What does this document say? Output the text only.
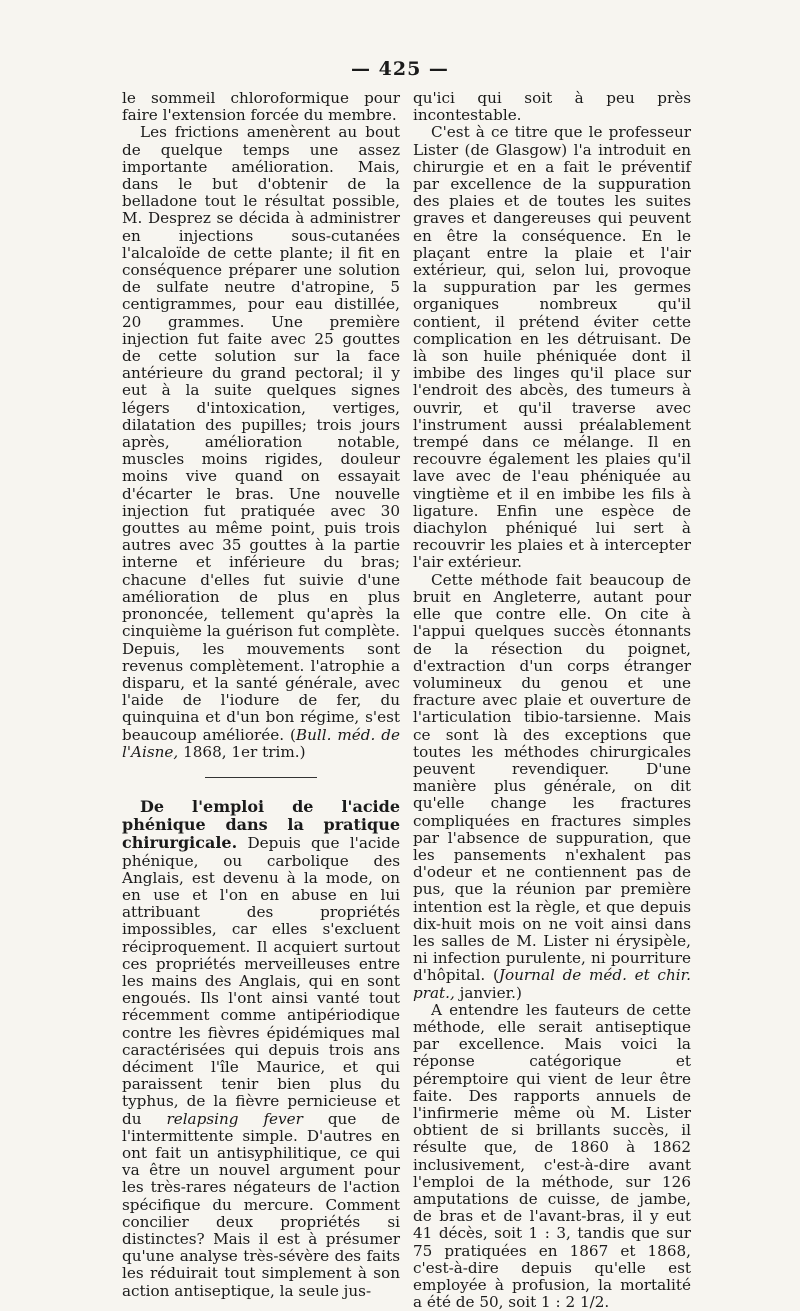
— 425 —

le sommeil chloroformique pour faire l'extension forcée du membre.

Les frictions amenèrent au bout de quelque temps une assez importante amélioration. Mais, dans le but d'obtenir de la belladone tout le résultat possible, M. Desprez se décida à administrer en injections sous-cutanées l'alcaloïde de cette plante; il fit en conséquence préparer une solution de sulfate neutre d'atropine, 5 centigrammes, pour eau distillée, 20 grammes. Une première injection fut faite avec 25 gouttes de cette solution sur la face antérieure du grand pectoral; il y eut à la suite quelques signes légers d'intoxication, vertiges, dilatation des pupilles; trois jours après, amélioration notable, muscles moins rigides, douleur moins vive quand on essayait d'écarter le bras. Une nouvelle injection fut pratiquée avec 30 gouttes au même point, puis trois autres avec 35 gouttes à la partie interne et inférieure du bras; chacune d'elles fut suivie d'une amélioration de plus en plus prononcée, tellement qu'après la cinquième la guérison fut complète. Depuis, les mouvements sont revenus complètement. l'atrophie a disparu, et la santé générale, avec l'aide de l'iodure de fer, du quinquina et d'un bon régime, s'est beaucoup améliorée. (Bull. méd. de l'Aisne, 1868, 1er trim.)

De l'emploi de l'acide phénique dans la pratique chirurgicale. Depuis que l'acide phénique, ou carbolique des Anglais, est devenu à la mode, on en use et l'on en abuse en lui attribuant des propriétés impossibles, car elles s'excluent réciproquement. Il acquiert surtout ces propriétés merveilleuses entre les mains des Anglais, qui en sont engoués. Ils l'ont ainsi vanté tout récemment comme antipériodique contre les fièvres épidémiques mal caractérisées qui depuis trois ans déciment l'île Maurice, et qui paraissent tenir bien plus du typhus, de la fièvre pernicieuse et du relapsing fever que de l'intermittente simple. D'autres en ont fait un antisyphilitique, ce qui va être un nouvel argument pour les très-rares négateurs de l'action spécifique du mercure. Comment concilier deux propriétés si distinctes? Mais il est à présumer qu'une analyse très-sévère des faits les réduirait tout simplement à son action antiseptique, la seule jus-

qu'ici qui soit à peu près incontestable.

C'est à ce titre que le professeur Lister (de Glasgow) l'a introduit en chirurgie et en a fait le préventif par excellence de la suppuration des plaies et de toutes les suites graves et dangereuses qui peuvent en être la conséquence. En le plaçant entre la plaie et l'air extérieur, qui, selon lui, provoque la suppuration par les germes organiques nombreux qu'il contient, il prétend éviter cette complication en les détruisant. De là son huile phéniquée dont il imbibe des linges qu'il place sur l'endroit des abcès, des tumeurs à ouvrir, et qu'il traverse avec l'instrument aussi préalablement trempé dans ce mélange. Il en recouvre également les plaies qu'il lave avec de l'eau phéniquée au vingtième et il en imbibe les fils à ligature. Enfin une espèce de diachylon phéniqué lui sert à recouvrir les plaies et à intercepter l'air extérieur.

Cette méthode fait beaucoup de bruit en Angleterre, autant pour elle que contre elle. On cite à l'appui quelques succès étonnants de la résection du poignet, d'extraction d'un corps étranger volumineux du genou et une fracture avec plaie et ouverture de l'articulation tibio-tarsienne. Mais ce sont là des exceptions que toutes les méthodes chirurgicales peuvent revendiquer. D'une manière plus générale, on dit qu'elle change les fractures compliquées en fractures simples par l'absence de suppuration, que les pansements n'exhalent pas d'odeur et ne contiennent pas de pus, que la réunion par première intention est la règle, et que depuis dix-huit mois on ne voit ainsi dans les salles de M. Lister ni érysipèle, ni infection purulente, ni pourriture d'hôpital. (Journal de méd. et chir. prat., janvier.)

A entendre les fauteurs de cette méthode, elle serait antiseptique par excellence. Mais voici la réponse catégorique et péremptoire qui vient de leur être faite. Des rapports annuels de l'infirmerie même où M. Lister obtient de si brillants succès, il résulte que, de 1860 à 1862 inclusivement, c'est-à-dire avant l'emploi de la méthode, sur 126 amputations de cuisse, de jambe, de bras et de l'avant-bras, il y eut 41 décès, soit 1 : 3, tandis que sur 75 pratiquées en 1867 et 1868, c'est-à-dire depuis qu'elle est employée à profusion, la mortalité a été de 50, soit 1 : 2 1/2.
